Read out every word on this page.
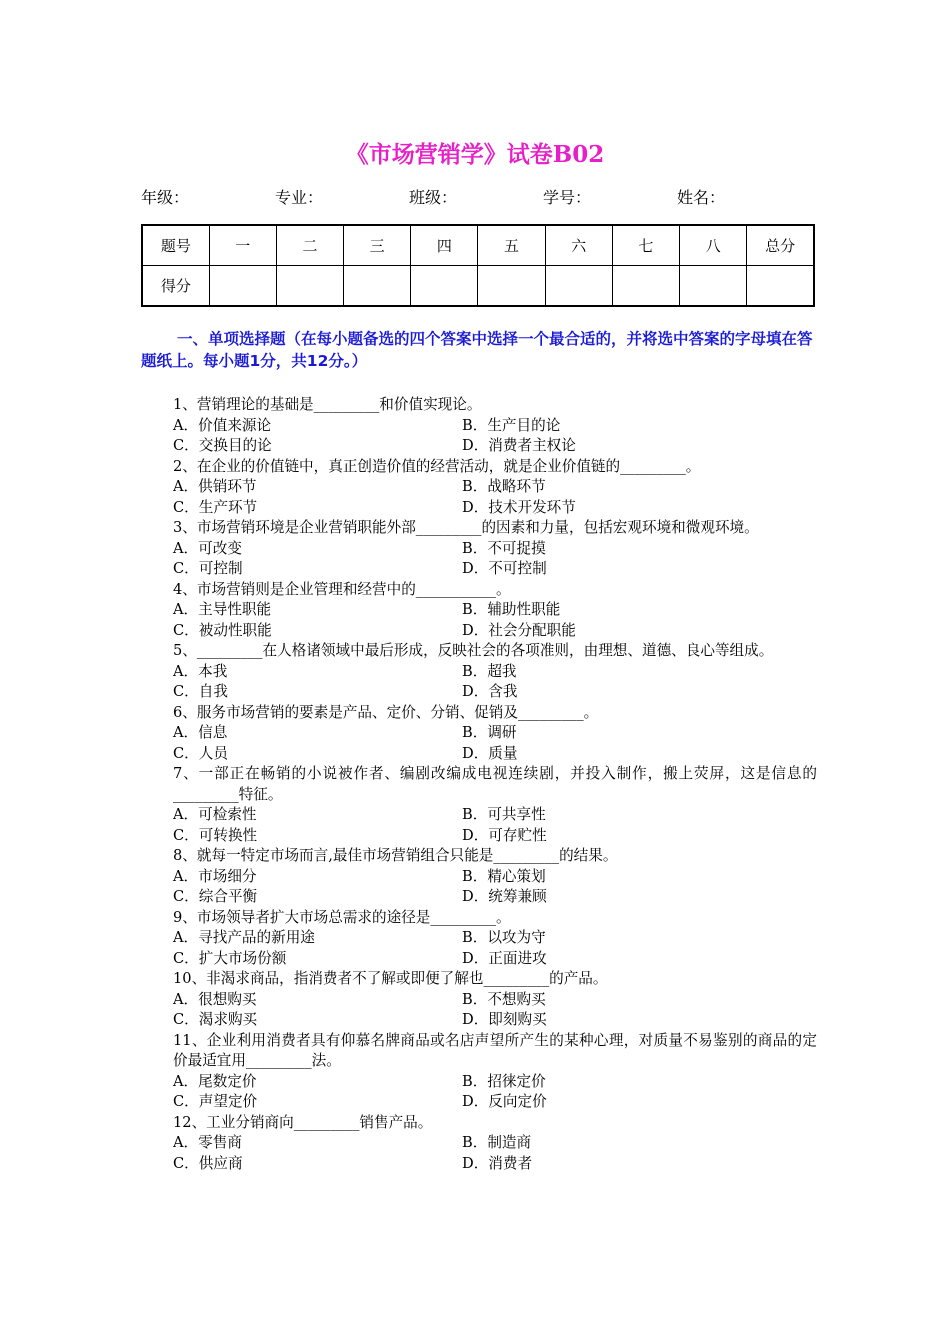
《市场营销学》试卷B02
年级：	专业：	班级：	学号：	姓名：
题号	一	二	三	四	五	六	七	八	总分
得分									
一、单项选择题（在每小题备选的四个答案中选择一个最合适的，并将选中答案的字母填在答题纸上。每小题1分，共12分。）
1、营销理论的基础是_________和价值实现论。
A．价值来源论	B．生产目的论
C．交换目的论	D．消费者主权论
2、在企业的价值链中，真正创造价值的经营活动，就是企业价值链的_________。
A．供销环节	B．战略环节
C．生产环节	D．技术开发环节
3、市场营销环境是企业营销职能外部_________的因素和力量，包括宏观环境和微观环境。
A．可改变	B．不可捉摸
C．可控制	D．不可控制
4、市场营销则是企业管理和经营中的___________。
A．主导性职能	B．辅助性职能
C．被动性职能	D．社会分配职能
5、_________在人格诸领域中最后形成，反映社会的各项准则，由理想、道德、良心等组成。
A．本我	B．超我
C．自我	D．含我
6、服务市场营销的要素是产品、定价、分销、促销及_________。
A．信息	B．调研
C．人员	D．质量
7、一部正在畅销的小说被作者、编剧改编成电视连续剧，并投入制作，搬上荧屏，这是信息的_________特征。
A．可检索性	B．可共享性
C．可转换性	D．可存贮性
8、就每一特定市场而言,最佳市场营销组合只能是_________的结果。
A．市场细分	B．精心策划
C．综合平衡	D．统筹兼顾
9、市场领导者扩大市场总需求的途径是_________。
A．寻找产品的新用途	B．以攻为守
C．扩大市场份额	D．正面进攻
10、非渴求商品，指消费者不了解或即便了解也_________的产品。
A．很想购买	B．不想购买
C．渴求购买	D．即刻购买
11、企业利用消费者具有仰慕名牌商品或名店声望所产生的某种心理，对质量不易鉴别的商品的定价最适宜用_________法。
A．尾数定价	B．招徕定价
C．声望定价	D．反向定价
12、工业分销商向_________销售产品。
A．零售商	B．制造商
C．供应商	D．消费者
